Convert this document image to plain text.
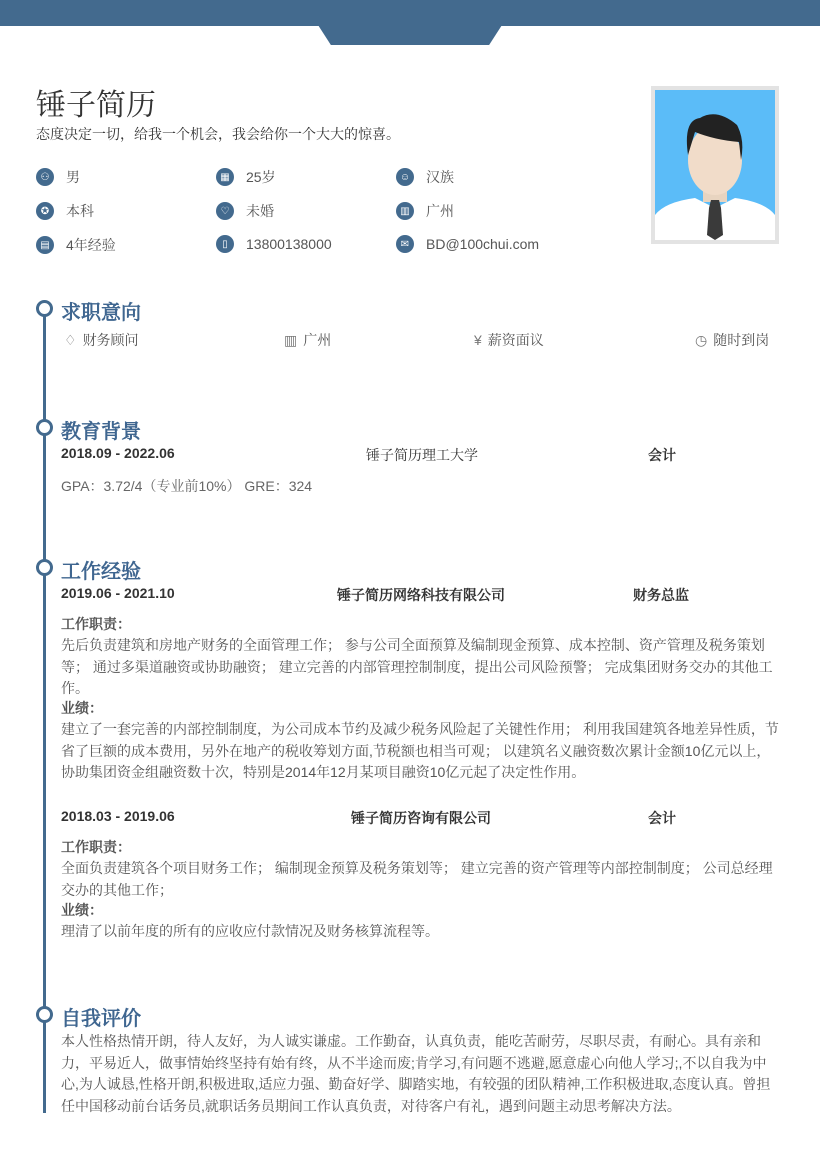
锤子简历
态度决定一切，给我一个机会，我会给你一个大大的惊喜。
⚇	男	▦	25岁	☺ 汉族
✪	本科	♡	未婚	▥	广州
▤	4年经验	▯	13800138000	✉	BD@100chui.com
求职意向
♢ 财务顾问	▥ 广州	¥ 薪资面议	◷ 随时到岗
教育背景
2018.09 - 2022.06	锤子简历理工大学	会计
GPA：3.72/4（专业前10%） GRE：324
工作经验
2019.06 - 2021.10	锤子简历网络科技有限公司	财务总监
工作职责：
先后负责建筑和房地产财务的全面管理工作； 参与公司全面预算及编制现金预算、成本控制、资产管理及税务策划等； 通过多渠道融资或协助融资； 建立完善的内部管理控制制度，提出公司风险预警； 完成集团财务交办的其他工作。
业绩：
建立了一套完善的内部控制制度，为公司成本节约及减少税务风险起了关键性作用； 利用我国建筑各地差异性质，节省了巨额的成本费用，另外在地产的税收筹划方面,节税额也相当可观； 以建筑名义融资数次累计金额10亿元以上，协助集团资金组融资数十次，特别是2014年12月某项目融资10亿元起了决定性作用。
2018.03 - 2019.06	锤子简历咨询有限公司	会计
工作职责：
全面负责建筑各个项目财务工作； 编制现金预算及税务策划等； 建立完善的资产管理等内部控制制度； 公司总经理交办的其他工作；
业绩：
理清了以前年度的所有的应收应付款情况及财务核算流程等。
自我评价
本人性格热情开朗，待人友好，为人诚实谦虚。工作勤奋，认真负责，能吃苦耐劳，尽职尽责，有耐心。具有亲和力，平易近人，做事情始终坚持有始有终，从不半途而废;肯学习,有问题不逃避,愿意虚心向他人学习;,不以自我为中心,为人诚恳,性格开朗,积极进取,适应力强、勤奋好学、脚踏实地，有较强的团队精神,工作积极进取,态度认真。曾担任中国移动前台话务员,就职话务员期间工作认真负责，对待客户有礼，遇到问题主动思考解决方法。
